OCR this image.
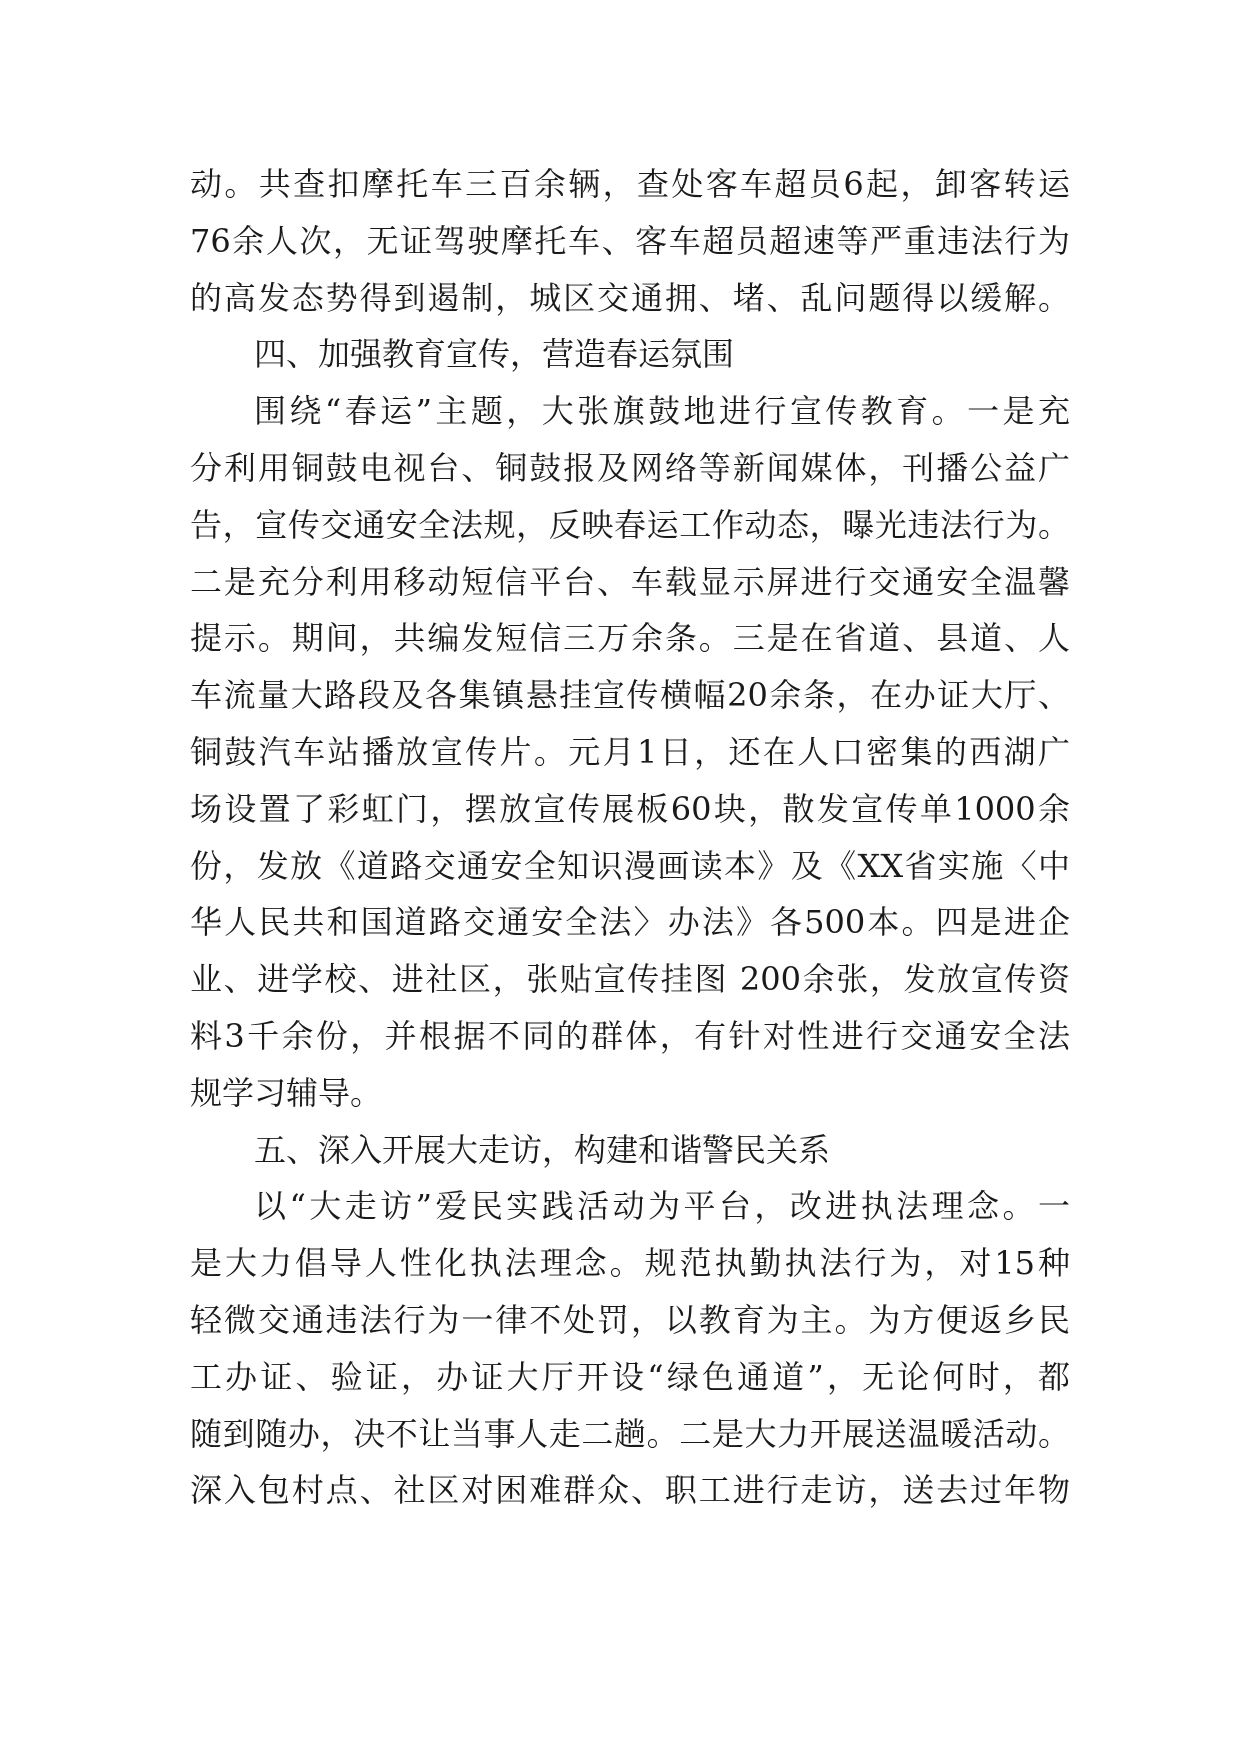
动。共查扣摩托车三百余辆，查处客车超员6起，卸客转运
76余人次，无证驾驶摩托车、客车超员超速等严重违法行为
的高发态势得到遏制，城区交通拥、堵、乱问题得以缓解。
四、加强教育宣传，营造春运氛围
围绕“春运”主题，大张旗鼓地进行宣传教育。一是充
分利用铜鼓电视台、铜鼓报及网络等新闻媒体，刊播公益广
告，宣传交通安全法规，反映春运工作动态，曝光违法行为。
二是充分利用移动短信平台、车载显示屏进行交通安全温馨
提示。期间，共编发短信三万余条。三是在省道、县道、人
车流量大路段及各集镇悬挂宣传横幅20余条，在办证大厅、
铜鼓汽车站播放宣传片。元月1日，还在人口密集的西湖广
场设置了彩虹门，摆放宣传展板60块，散发宣传单1000余
份，发放《道路交通安全知识漫画读本》及《XX省实施〈中
华人民共和国道路交通安全法〉办法》各500本。四是进企
业、进学校、进社区，张贴宣传挂图 200余张，发放宣传资
料3千余份，并根据不同的群体，有针对性进行交通安全法
规学习辅导。
五、深入开展大走访，构建和谐警民关系
以“大走访”爱民实践活动为平台，改进执法理念。一
是大力倡导人性化执法理念。规范执勤执法行为，对15种
轻微交通违法行为一律不处罚，以教育为主。为方便返乡民
工办证、验证，办证大厅开设“绿色通道”，无论何时，都
随到随办，决不让当事人走二趟。二是大力开展送温暖活动。
深入包村点、社区对困难群众、职工进行走访，送去过年物
